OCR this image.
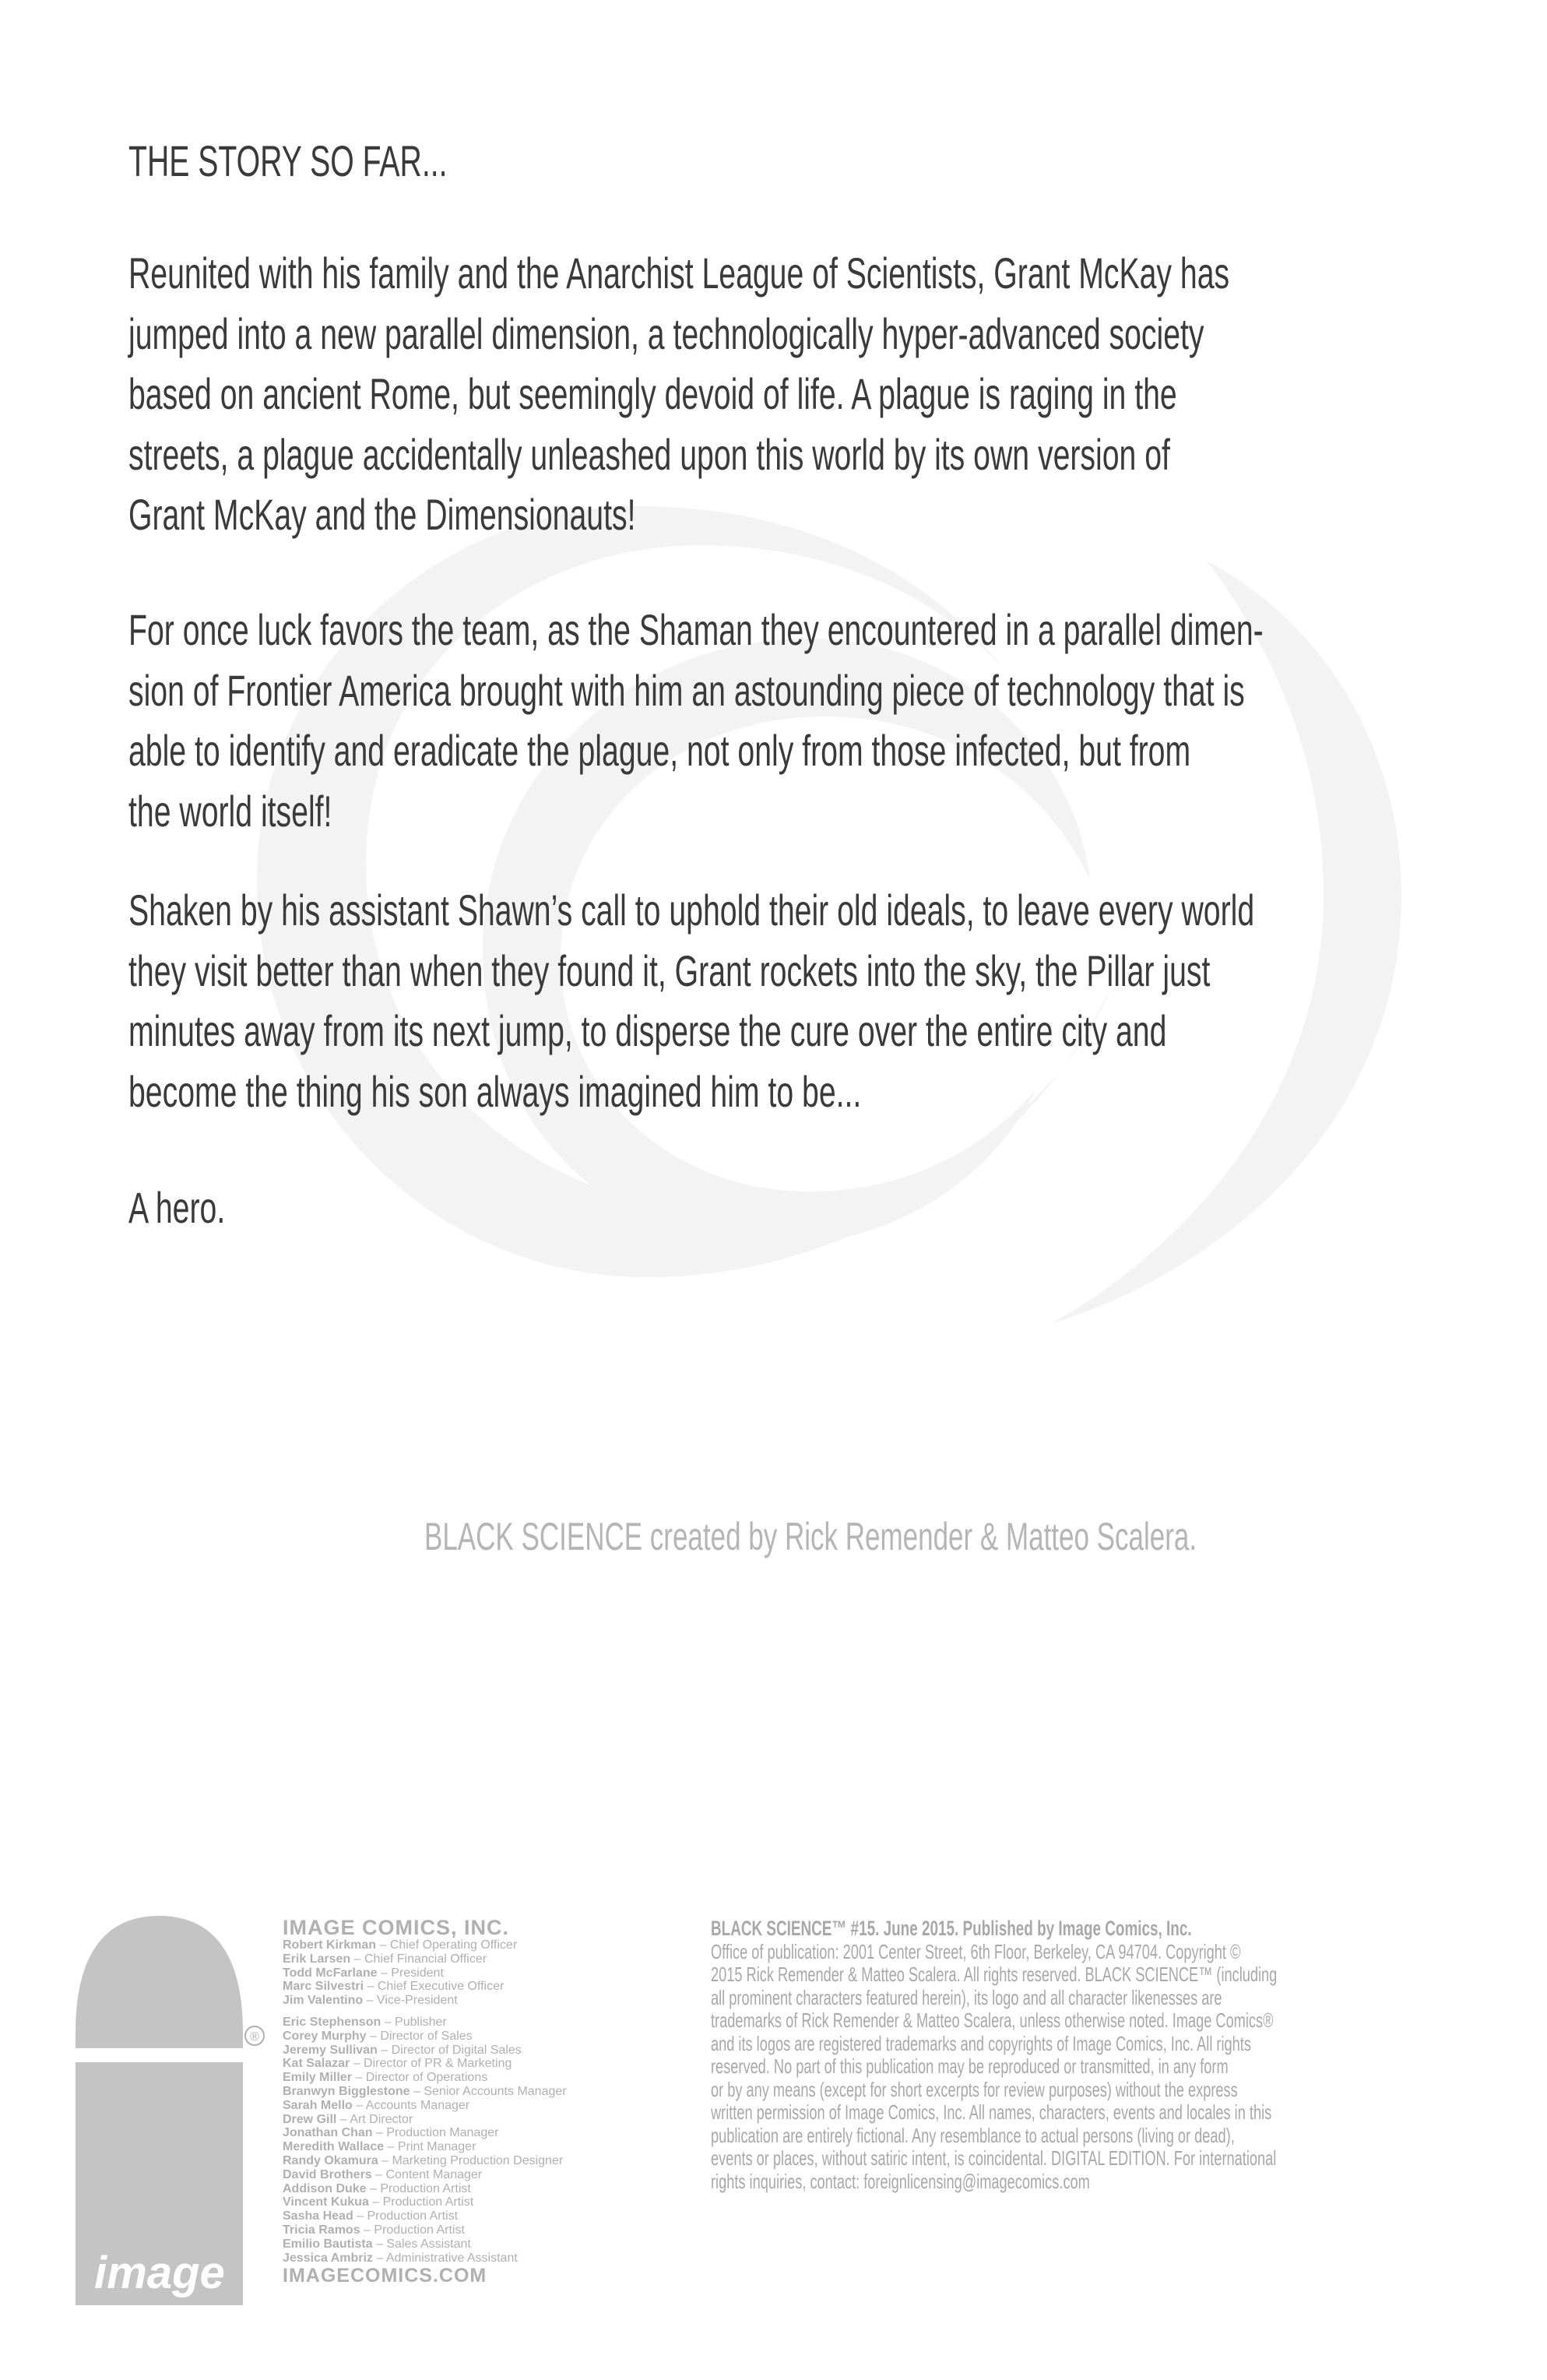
THE STORY SO FAR...
Reunited with his family and the Anarchist League of Scientists, Grant McKay has
jumped into a new parallel dimension, a technologically hyper-advanced society
based on ancient Rome, but seemingly devoid of life. A plague is raging in the
streets, a plague accidentally unleashed upon this world by its own version of
Grant McKay and the Dimensionauts!
For once luck favors the team, as the Shaman they encountered in a parallel dimen-
sion of Frontier America brought with him an astounding piece of technology that is
able to identify and eradicate the plague, not only from those infected, but from
the world itself!
Shaken by his assistant Shawn’s call to uphold their old ideals, to leave every world
they visit better than when they found it, Grant rockets into the sky, the Pillar just
minutes away from its next jump, to disperse the cure over the entire city and
become the thing his son always imagined him to be...
A hero.
BLACK SCIENCE created by Rick Remender & Matteo Scalera.
image
®
IMAGE COMICS, INC.
Robert Kirkman – Chief Operating Officer
Erik Larsen – Chief Financial Officer
Todd McFarlane – President
Marc Silvestri – Chief Executive Officer
Jim Valentino – Vice-President
Eric Stephenson – Publisher
Corey Murphy – Director of Sales
Jeremy Sullivan – Director of Digital Sales
Kat Salazar – Director of PR & Marketing
Emily Miller – Director of Operations
Branwyn Bigglestone – Senior Accounts Manager
Sarah Mello – Accounts Manager
Drew Gill – Art Director
Jonathan Chan – Production Manager
Meredith Wallace – Print Manager
Randy Okamura – Marketing Production Designer
David Brothers – Content Manager
Addison Duke – Production Artist
Vincent Kukua – Production Artist
Sasha Head – Production Artist
Tricia Ramos – Production Artist
Emilio Bautista – Sales Assistant
Jessica Ambriz – Administrative Assistant
IMAGECOMICS.COM
BLACK SCIENCE™ #15. June 2015. Published by Image Comics, Inc.
Office of publication: 2001 Center Street, 6th Floor, Berkeley, CA 94704. Copyright ©
2015 Rick Remender & Matteo Scalera. All rights reserved. BLACK SCIENCE™ (including
all prominent characters featured herein), its logo and all character likenesses are
trademarks of Rick Remender & Matteo Scalera, unless otherwise noted. Image Comics®
and its logos are registered trademarks and copyrights of Image Comics, Inc. All rights
reserved. No part of this publication may be reproduced or transmitted, in any form
or by any means (except for short excerpts for review purposes) without the express
written permission of Image Comics, Inc. All names, characters, events and locales in this
publication are entirely fictional. Any resemblance to actual persons (living or dead),
events or places, without satiric intent, is coincidental. DIGITAL EDITION. For international
rights inquiries, contact: foreignlicensing@imagecomics.com
